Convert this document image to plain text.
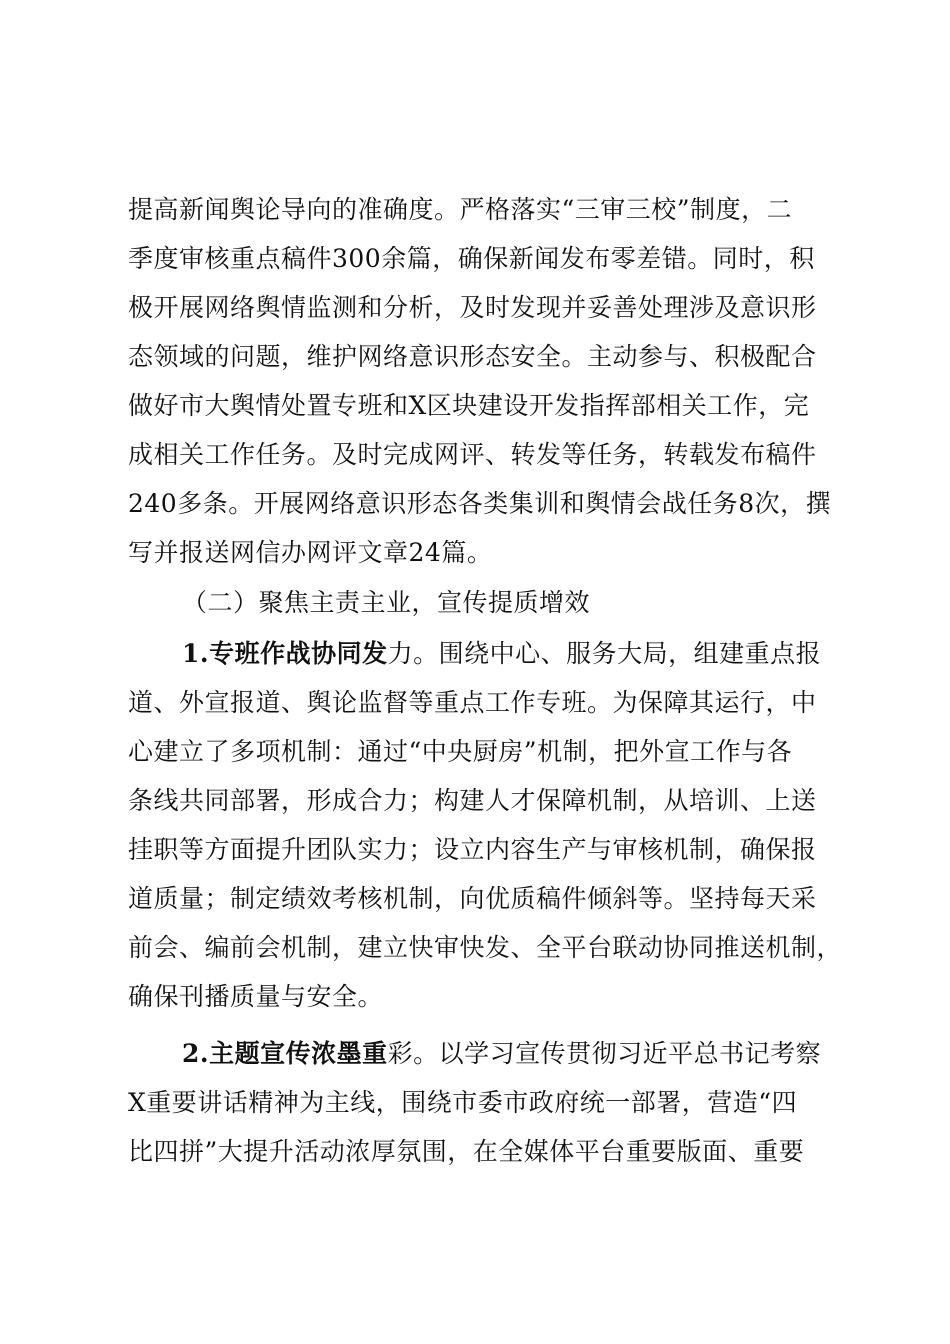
提高新闻舆论导向的准确度。严格落实“三审三校”制度，二
季度审核重点稿件300余篇，确保新闻发布零差错。同时，积
极开展网络舆情监测和分析，及时发现并妥善处理涉及意识形
态领域的问题，维护网络意识形态安全。主动参与、积极配合
做好市大舆情处置专班和X区块建设开发指挥部相关工作，完
成相关工作任务。及时完成网评、转发等任务，转载发布稿件
240多条。开展网络意识形态各类集训和舆情会战任务8次，撰
写并报送网信办网评文章24篇。
（二）聚焦主责主业，宣传提质增效
1.专班作战协同发力。围绕中心、服务大局，组建重点报
道、外宣报道、舆论监督等重点工作专班。为保障其运行，中
心建立了多项机制：通过“中央厨房”机制，把外宣工作与各
条线共同部署，形成合力；构建人才保障机制，从培训、上送
挂职等方面提升团队实力；设立内容生产与审核机制，确保报
道质量；制定绩效考核机制，向优质稿件倾斜等。坚持每天采
前会、编前会机制，建立快审快发、全平台联动协同推送机制，
确保刊播质量与安全。
2.主题宣传浓墨重彩。以学习宣传贯彻习近平总书记考察
X重要讲话精神为主线，围绕市委市政府统一部署，营造“四
比四拼”大提升活动浓厚氛围，在全媒体平台重要版面、重要
